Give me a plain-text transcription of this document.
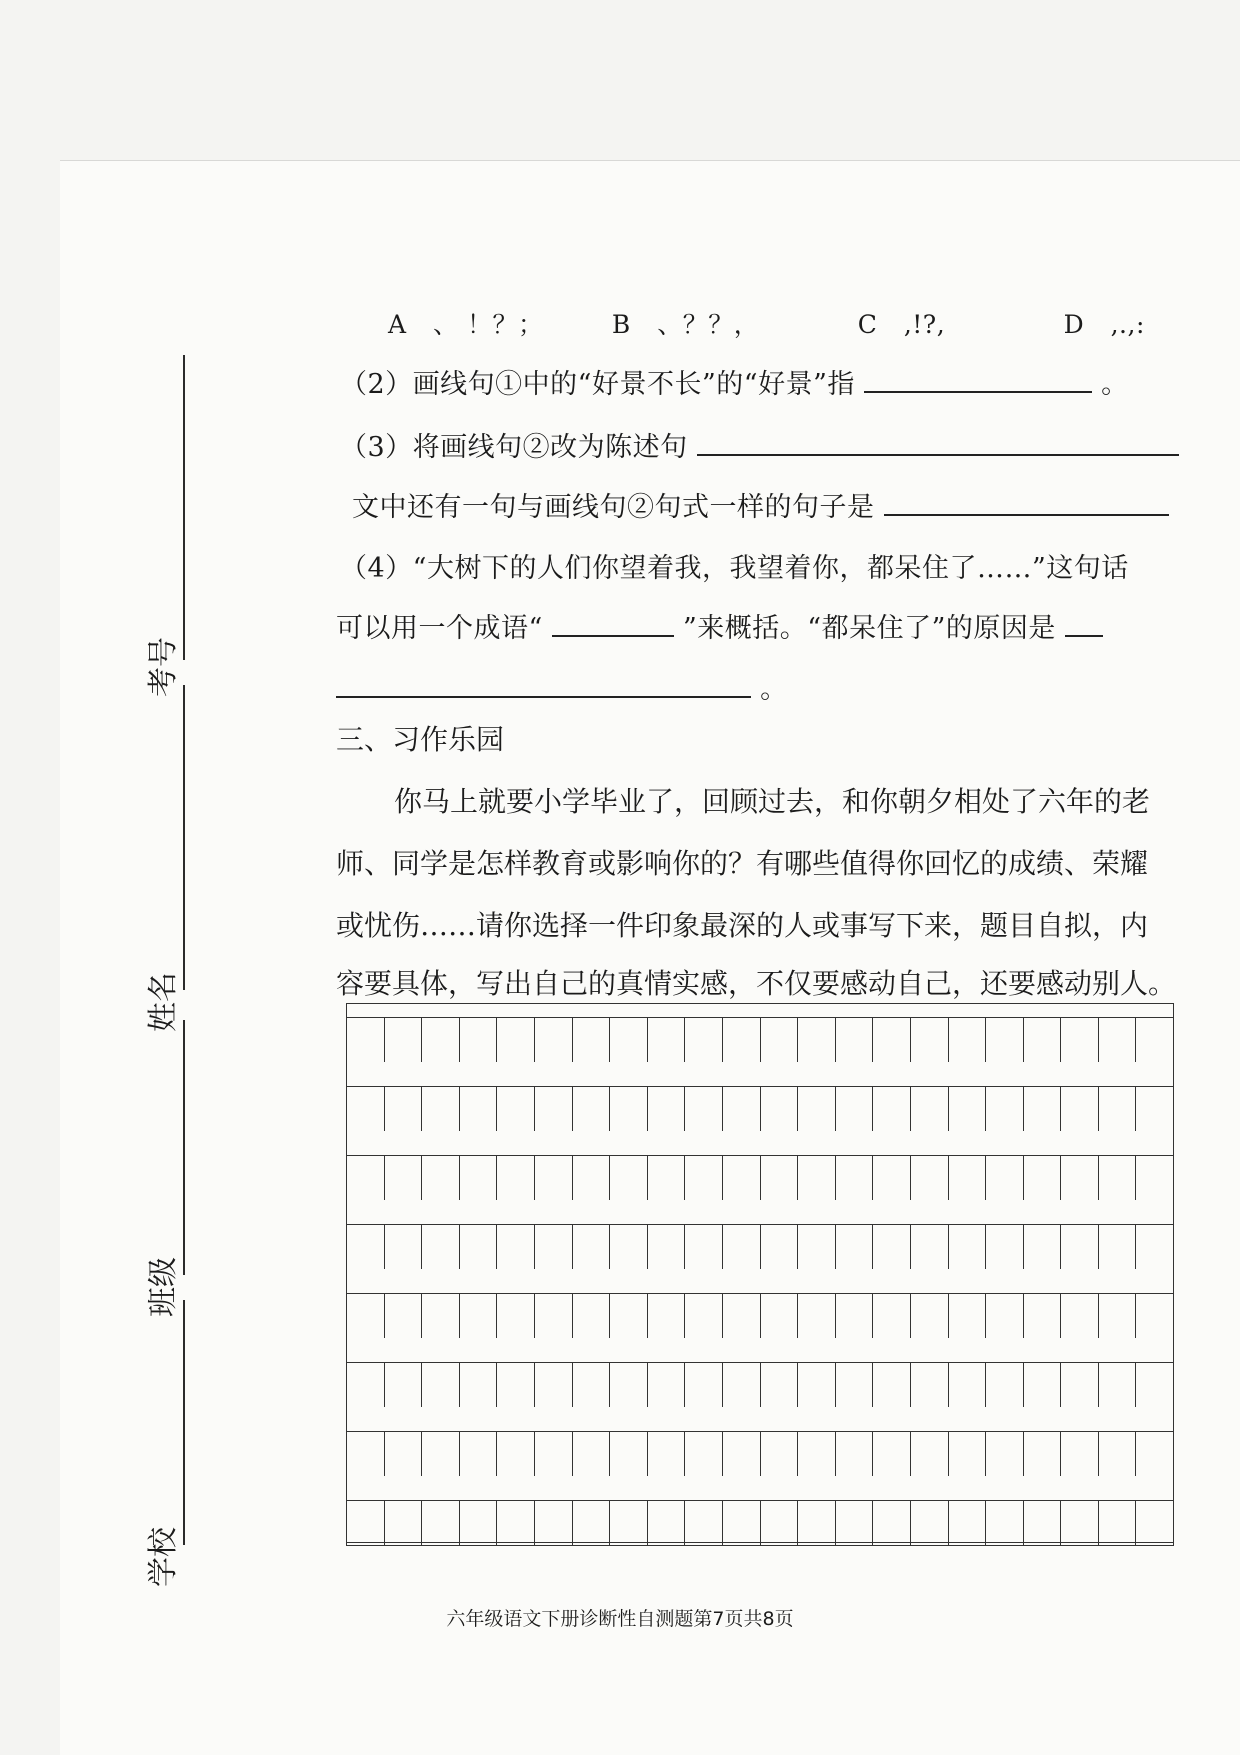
考号
姓名
班级
学校
A 、 ！？；	B 、？？，	C ,!?,	D ,.,:
（2）画线句①中的“好景不长”的“好景”指	。
（3）将画线句②改为陈述句
文中还有一句与画线句②句式一样的句子是
（4）“大树下的人们你望着我，我望着你，都呆住了……”这句话
可以用一个成语“	”来概括。“都呆住了”的原因是
。
三、习作乐园
你马上就要小学毕业了，回顾过去，和你朝夕相处了六年的老
师、同学是怎样教育或影响你的？有哪些值得你回忆的成绩、荣耀
或忧伤……请你选择一件印象最深的人或事写下来，题目自拟，内
容要具体，写出自己的真情实感，不仅要感动自己，还要感动别人。
六年级语文下册诊断性自测题第7页共8页
